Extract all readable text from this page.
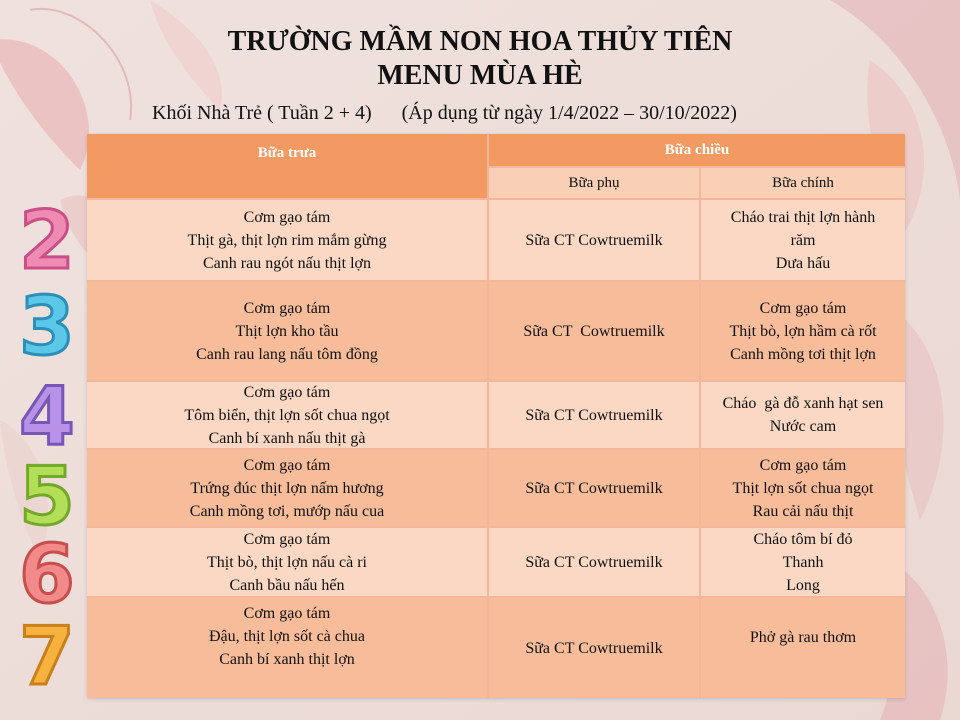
TRƯỜNG MẦM NON HOA THỦY TIÊN
MENU MÙA HÈ
Khối Nhà Trẻ ( Tuần 2 + 4)      (Áp dụng từ ngày 1/4/2022 – 30/10/2022)
2
3
4
5
6
7
Bữa trưa	Bữa chiều
Bữa phụ	Bữa chính
Cơm gạo tám
Thịt gà, thịt lợn rim mắm gừng
Canh rau ngót nấu thịt lợn
Sữa CT Cowtruemilk
Cháo trai thịt lợn hành
răm
Dưa hấu
Cơm gạo tám
Thịt lợn kho tầu
Canh rau lang nấu tôm đồng
Sữa CT  Cowtruemilk
Cơm gạo tám
Thịt bò, lợn hầm cà rốt
Canh mồng tơi thịt lợn
Cơm gạo tám
Tôm biển, thịt lợn sốt chua ngọt
Canh bí xanh nấu thịt gà
Sữa CT Cowtruemilk
Cháo  gà đỗ xanh hạt sen
Nước cam
Cơm gạo tám
Trứng đúc thịt lợn nấm hương
Canh mồng tơi, mướp nấu cua
Sữa CT Cowtruemilk
Cơm gạo tám
Thịt lợn sốt chua ngọt
Rau cải nấu thịt
Cơm gạo tám
Thịt bò, thịt lợn nấu cà ri
Canh bầu nấu hến
Sữa CT Cowtruemilk
Cháo tôm bí đỏ
Thanh
Long
Cơm gạo tám
Đậu, thịt lợn sốt cà chua
Canh bí xanh thịt lợn
Sữa CT Cowtruemilk
Phở gà rau thơm
